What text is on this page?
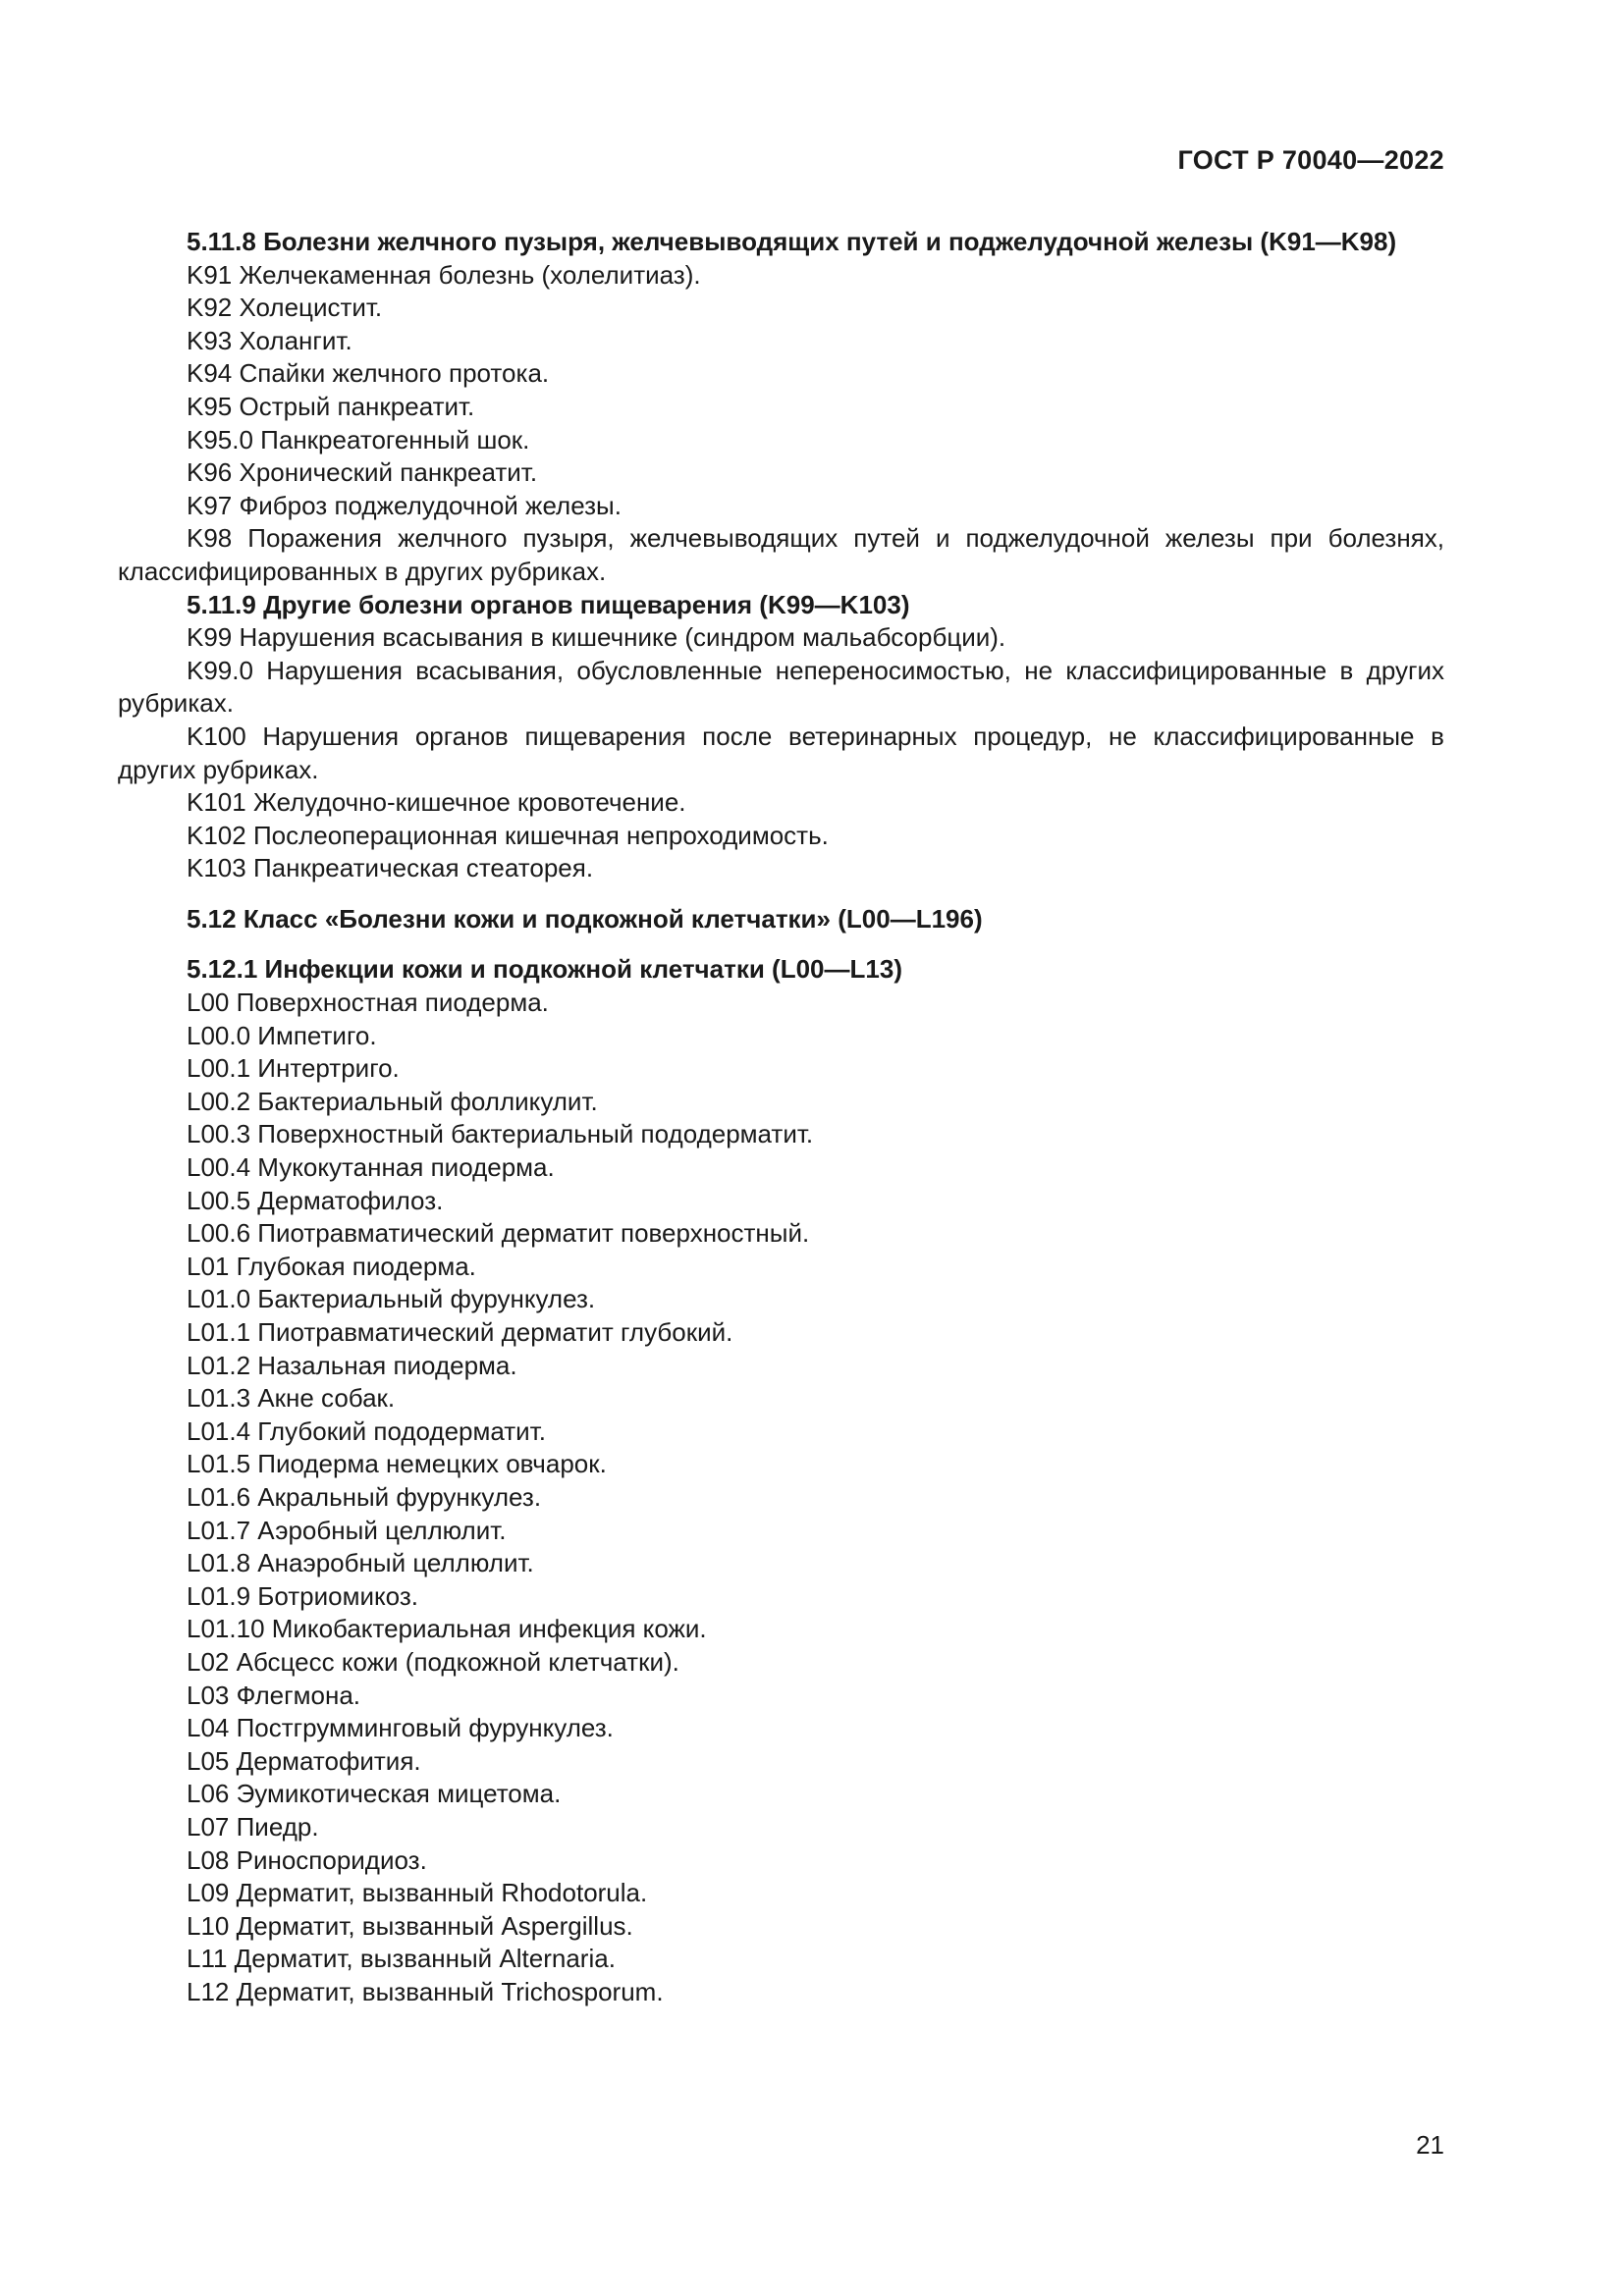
ГОСТ Р 70040—2022

5.11.8 Болезни желчного пузыря, желчевыводящих путей и поджелудочной железы (K91—K98)

K91 Желчекаменная болезнь (холелитиаз).

K92 Холецистит.

K93 Холангит.

K94 Спайки желчного протока.

K95 Острый панкреатит.

K95.0 Панкреатогенный шок.

K96 Хронический панкреатит.

K97 Фиброз поджелудочной железы.

K98 Поражения желчного пузыря, желчевыводящих путей и поджелудочной железы при болезнях, классифицированных в других рубриках.

5.11.9 Другие болезни органов пищеварения (K99—K103)

K99 Нарушения всасывания в кишечнике (синдром мальабсорбции).

K99.0 Нарушения всасывания, обусловленные непереносимостью, не классифицированные в других рубриках.

K100 Нарушения органов пищеварения после ветеринарных процедур, не классифицированные в других рубриках.

K101 Желудочно-кишечное кровотечение.

K102 Послеоперационная кишечная непроходимость.

K103 Панкреатическая стеаторея.

5.12 Класс «Болезни кожи и подкожной клетчатки» (L00—L196)

5.12.1 Инфекции кожи и подкожной клетчатки (L00—L13)

L00 Поверхностная пиодерма.

L00.0 Импетиго.

L00.1 Интертриго.

L00.2 Бактериальный фолликулит.

L00.3 Поверхностный бактериальный пододерматит.

L00.4 Мукокутанная пиодерма.

L00.5 Дерматофилоз.

L00.6 Пиотравматический дерматит поверхностный.

L01 Глубокая пиодерма.

L01.0 Бактериальный фурункулез.

L01.1 Пиотравматический дерматит глубокий.

L01.2 Назальная пиодерма.

L01.3 Акне собак.

L01.4 Глубокий пододерматит.

L01.5 Пиодерма немецких овчарок.

L01.6 Акральный фурункулез.

L01.7 Аэробный целлюлит.

L01.8 Анаэробный целлюлит.

L01.9 Ботриомикоз.

L01.10 Микобактериальная инфекция кожи.

L02 Абсцесс кожи (подкожной клетчатки).

L03 Флегмона.

L04 Постгрумминговый фурункулез.

L05 Дерматофития.

L06 Эумикотическая мицетома.

L07 Пиедр.

L08 Риноспоридиоз.

L09 Дерматит, вызванный Rhodotorula.

L10 Дерматит, вызванный Aspergillus.

L11 Дерматит, вызванный Alternaria.

L12 Дерматит, вызванный Trichosporum.

21
